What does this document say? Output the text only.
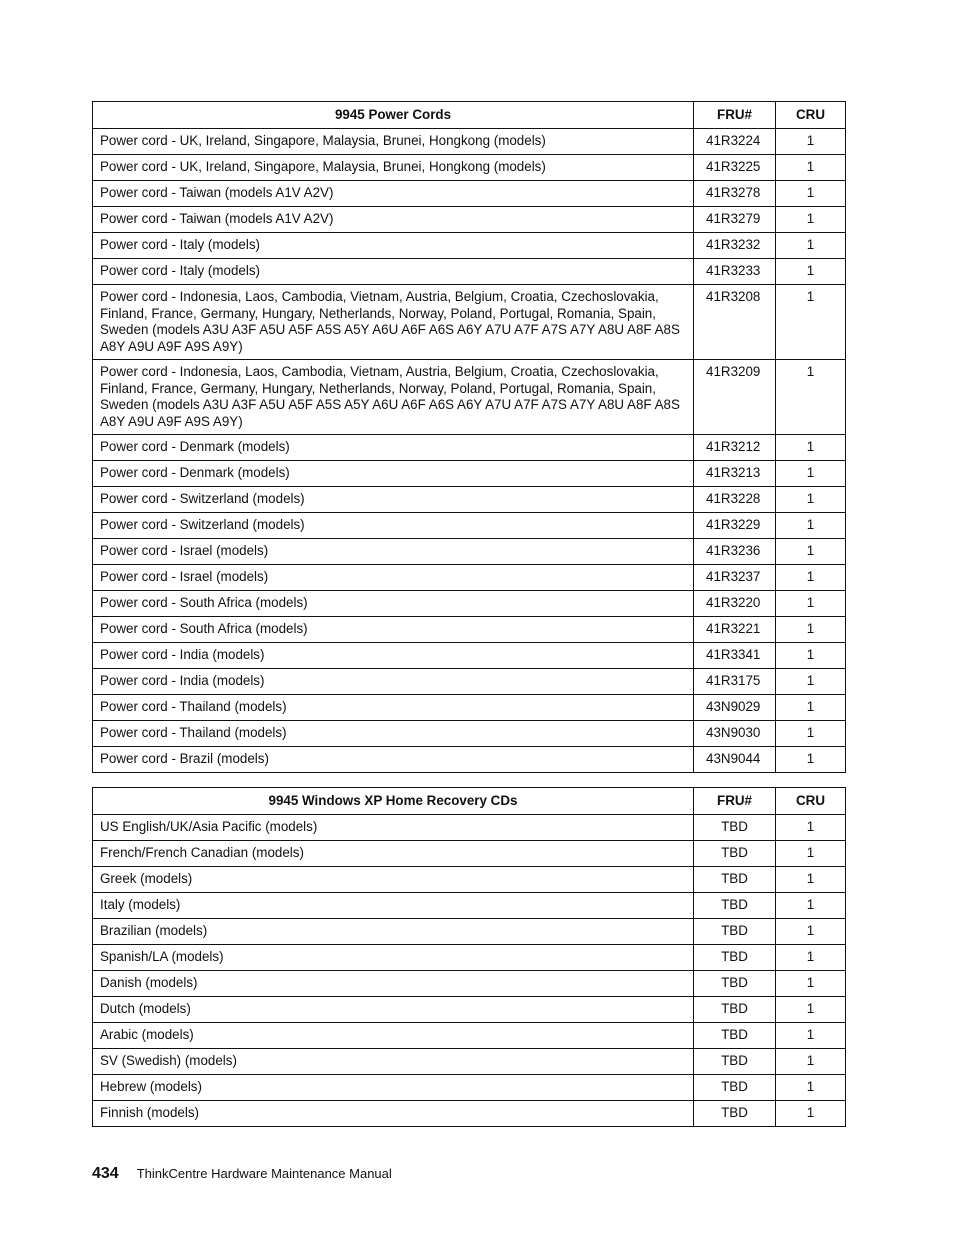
9945 Power Cords	FRU#	CRU
Power cord - UK, Ireland, Singapore, Malaysia, Brunei, Hongkong (models)	41R3224	1
Power cord - UK, Ireland, Singapore, Malaysia, Brunei, Hongkong (models)	41R3225	1
Power cord - Taiwan (models A1V A2V)	41R3278	1
Power cord - Taiwan (models A1V A2V)	41R3279	1
Power cord - Italy (models)	41R3232	1
Power cord - Italy (models)	41R3233	1
Power cord - Indonesia, Laos, Cambodia, Vietnam, Austria, Belgium, Croatia, Czechoslovakia, Finland, France, Germany, Hungary, Netherlands, Norway, Poland, Portugal, Romania, Spain, Sweden (models A3U A3F A5U A5F A5S A5Y A6U A6F A6S A6Y A7U A7F A7S A7Y A8U A8F A8S A8Y A9U A9F A9S A9Y)	41R3208	1
Power cord - Indonesia, Laos, Cambodia, Vietnam, Austria, Belgium, Croatia, Czechoslovakia, Finland, France, Germany, Hungary, Netherlands, Norway, Poland, Portugal, Romania, Spain, Sweden (models A3U A3F A5U A5F A5S A5Y A6U A6F A6S A6Y A7U A7F A7S A7Y A8U A8F A8S A8Y A9U A9F A9S A9Y)	41R3209	1
Power cord - Denmark (models)	41R3212	1
Power cord - Denmark (models)	41R3213	1
Power cord - Switzerland (models)	41R3228	1
Power cord - Switzerland (models)	41R3229	1
Power cord - Israel (models)	41R3236	1
Power cord - Israel (models)	41R3237	1
Power cord - South Africa (models)	41R3220	1
Power cord - South Africa (models)	41R3221	1
Power cord - India (models)	41R3341	1
Power cord - India (models)	41R3175	1
Power cord - Thailand (models)	43N9029	1
Power cord - Thailand (models)	43N9030	1
Power cord - Brazil (models)	43N9044	1
9945 Windows XP Home Recovery CDs	FRU#	CRU
US English/UK/Asia Pacific (models)	TBD	1
French/French Canadian (models)	TBD	1
Greek (models)	TBD	1
Italy (models)	TBD	1
Brazilian (models)	TBD	1
Spanish/LA (models)	TBD	1
Danish (models)	TBD	1
Dutch (models)	TBD	1
Arabic (models)	TBD	1
SV (Swedish) (models)	TBD	1
Hebrew (models)	TBD	1
Finnish (models)	TBD	1
434 ThinkCentre Hardware Maintenance Manual
